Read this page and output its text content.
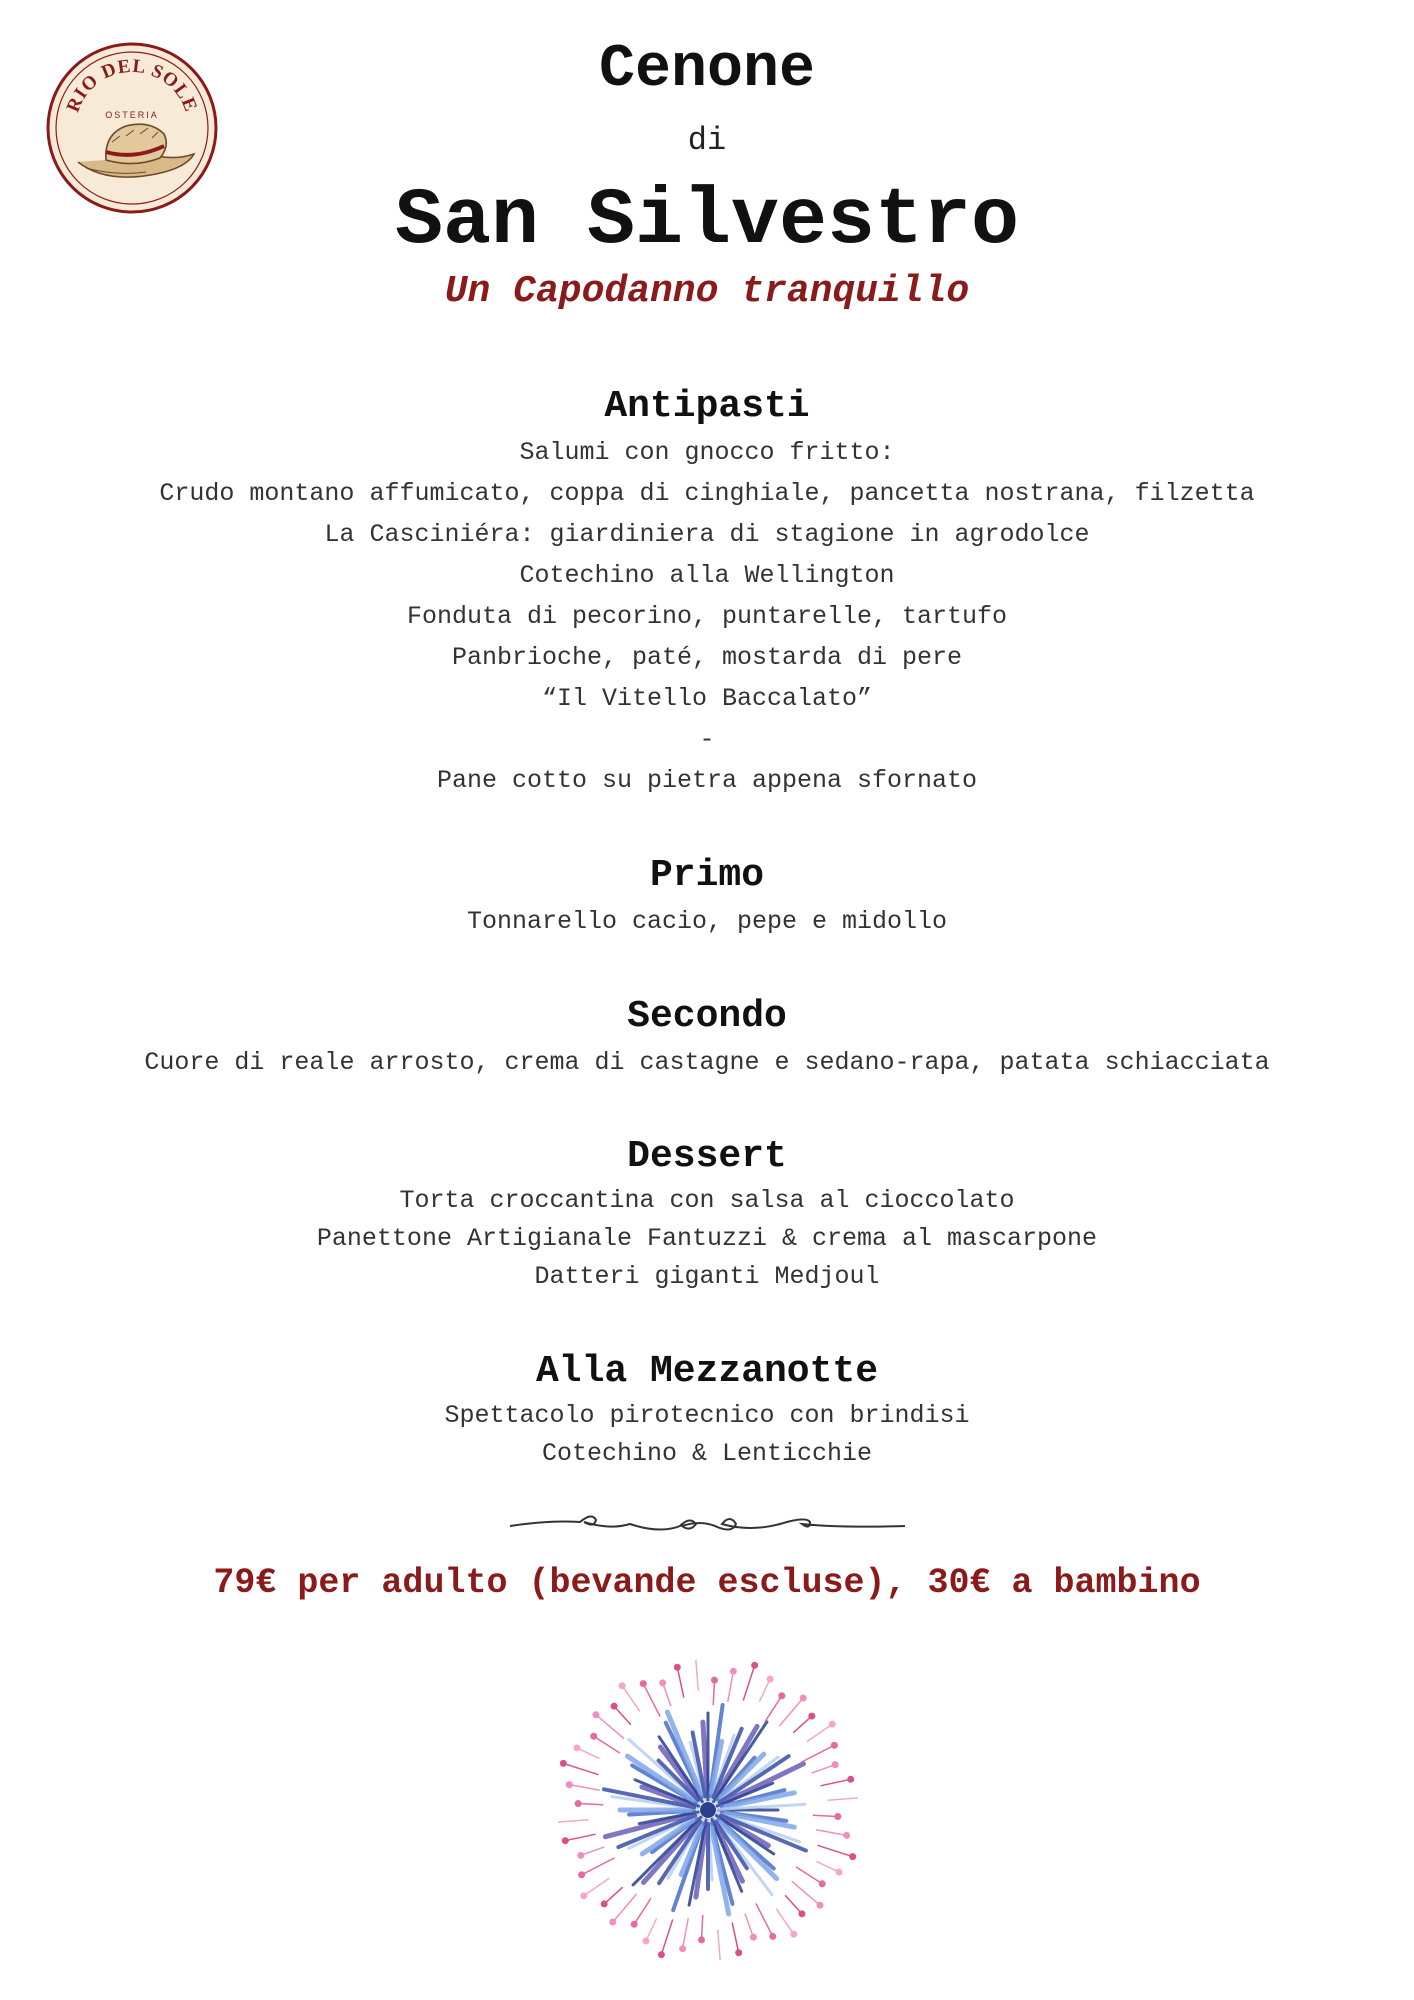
RIO DEL SOLE
OSTERIA
Cenone
di
San Silvestro
Un Capodanno tranquillo
Antipasti
Salumi con gnocco fritto:
Crudo montano affumicato, coppa di cinghiale, pancetta nostrana, filzetta
La Casciniéra: giardiniera di stagione in agrodolce
Cotechino alla Wellington
Fonduta di pecorino, puntarelle, tartufo
Panbrioche, paté, mostarda di pere
“Il Vitello Baccalato”
-
Pane cotto su pietra appena sfornato
Primo
Tonnarello cacio, pepe e midollo
Secondo
Cuore di reale arrosto, crema di castagne e sedano-rapa, patata schiacciata
Dessert
Torta croccantina con salsa al cioccolato
Panettone Artigianale Fantuzzi & crema al mascarpone
Datteri giganti Medjoul
Alla Mezzanotte
Spettacolo pirotecnico con brindisi
Cotechino & Lenticchie
79€ per adulto (bevande escluse), 30€ a bambino
